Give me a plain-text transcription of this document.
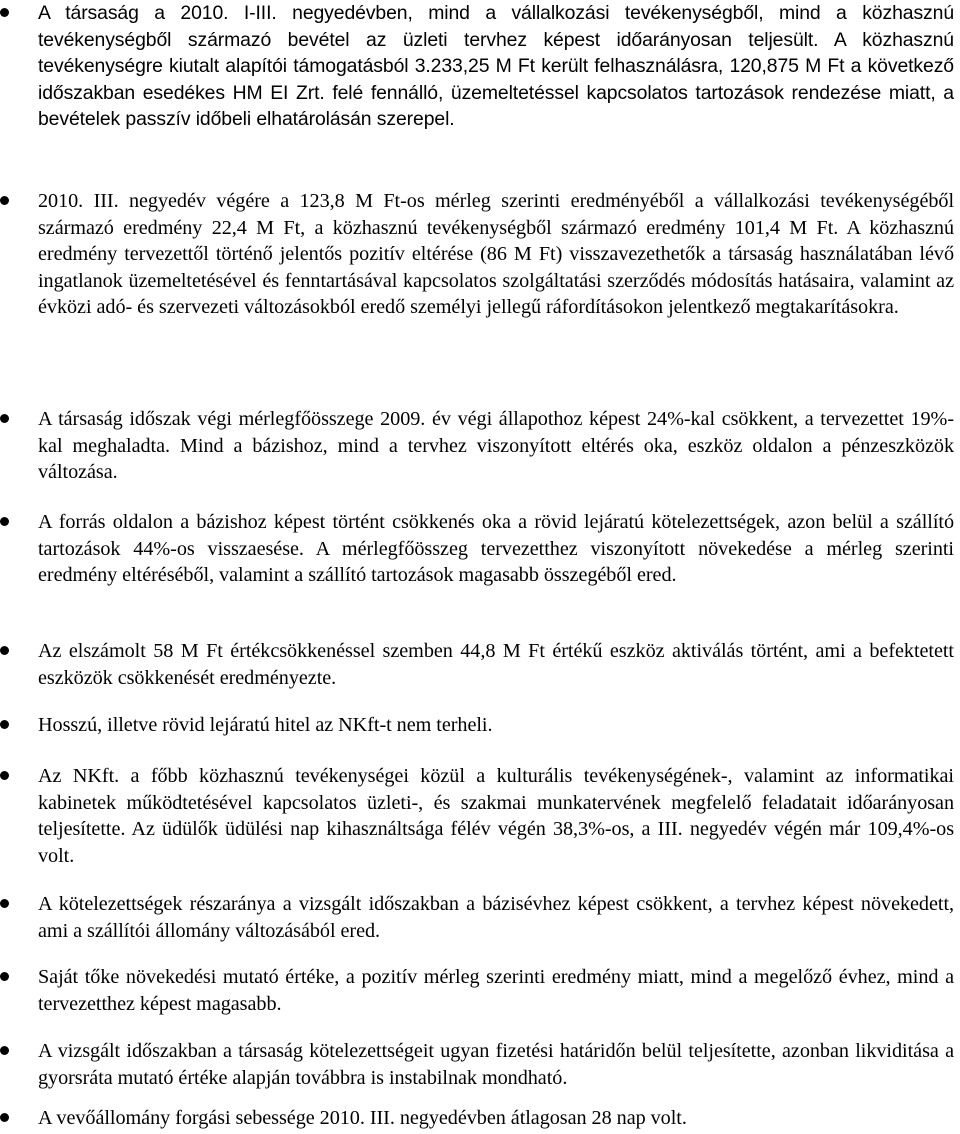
A társaság a 2010. I-III. negyedévben, mind a vállalkozási tevékenységből, mind a közhasznú tevékenységből származó bevétel az üzleti tervhez képest időarányosan teljesült. A közhasznú tevékenységre kiutalt alapítói támogatásból 3.233,25 M Ft került felhasználásra, 120,875 M Ft a következő időszakban esedékes HM EI Zrt. felé fennálló, üzemeltetéssel kapcsolatos tartozások rendezése miatt, a bevételek passzív időbeli elhatárolásán szerepel.

2010. III. negyedév végére a 123,8 M Ft-os mérleg szerinti eredményéből a vállalkozási tevékenységéből származó eredmény 22,4 M Ft, a közhasznú tevékenységből származó eredmény 101,4 M Ft. A közhasznú eredmény tervezettől történő jelentős pozitív eltérése (86 M Ft) visszavezethetők a társaság használatában lévő ingatlanok üzemeltetésével és fenntartásával kapcsolatos szolgáltatási szerződés módosítás hatásaira, valamint az évközi adó- és szervezeti változásokból eredő személyi jellegű ráfordításokon jelentkező megtakarításokra.

A társaság időszak végi mérlegfőösszege 2009. év végi állapothoz képest 24%-kal csökkent, a tervezettet 19%-kal meghaladta. Mind a bázishoz, mind a tervhez viszonyított eltérés oka, eszköz oldalon a pénzeszközök változása.

A forrás oldalon a bázishoz képest történt csökkenés oka a rövid lejáratú kötelezettségek, azon belül a szállító tartozások 44%-os visszaesése. A mérlegfőösszeg tervezetthez viszonyított növekedése a mérleg szerinti eredmény eltéréséből, valamint a szállító tartozások magasabb összegéből ered.

Az elszámolt 58 M Ft értékcsökkenéssel szemben 44,8 M Ft értékű eszköz aktiválás történt, ami a befektetett eszközök csökkenését eredményezte.

Hosszú, illetve rövid lejáratú hitel az NKft-t nem terheli.

Az NKft. a főbb közhasznú tevékenységei közül a kulturális tevékenységének-, valamint az informatikai kabinetek működtetésével kapcsolatos üzleti-, és szakmai munkatervének megfelelő feladatait időarányosan teljesítette. Az üdülők üdülési nap kihasználtsága félév végén 38,3%-os, a III. negyedév végén már 109,4%-os volt.

A kötelezettségek részaránya a vizsgált időszakban a bázisévhez képest csökkent, a tervhez képest növekedett, ami a szállítói állomány változásából ered.

Saját tőke növekedési mutató értéke, a pozitív mérleg szerinti eredmény miatt, mind a megelőző évhez, mind a tervezetthez képest magasabb.

A vizsgált időszakban a társaság kötelezettségeit ugyan fizetési határidőn belül teljesítette, azonban likviditása a gyorsráta mutató értéke alapján továbbra is instabilnak mondható.

A vevőállomány forgási sebessége 2010. III. negyedévben átlagosan 28 nap volt.
